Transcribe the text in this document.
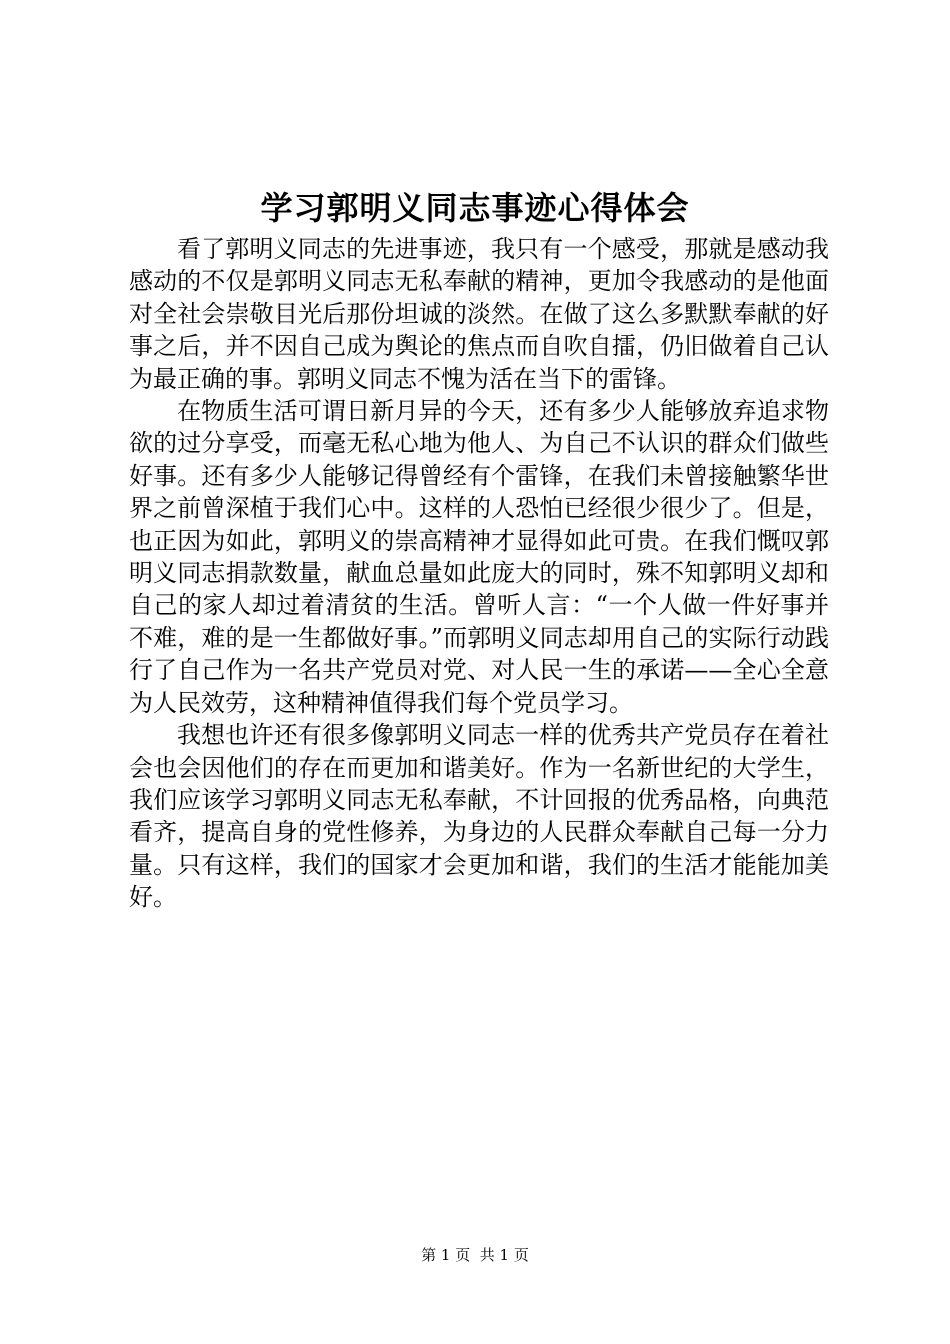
学习郭明义同志事迹心得体会

看了郭明义同志的先进事迹，我只有一个感受，那就是感动我感动的不仅是郭明义同志无私奉献的精神，更加令我感动的是他面对全社会崇敬目光后那份坦诚的淡然。在做了这么多默默奉献的好事之后，并不因自己成为舆论的焦点而自吹自擂，仍旧做着自己认为最正确的事。郭明义同志不愧为活在当下的雷锋。

在物质生活可谓日新月异的今天，还有多少人能够放弃追求物欲的过分享受，而毫无私心地为他人、为自己不认识的群众们做些好事。还有多少人能够记得曾经有个雷锋，在我们未曾接触繁华世界之前曾深植于我们心中。这样的人恐怕已经很少很少了。但是，也正因为如此，郭明义的崇高精神才显得如此可贵。在我们慨叹郭明义同志捐款数量，献血总量如此庞大的同时，殊不知郭明义却和自己的家人却过着清贫的生活。曾听人言：“一个人做一件好事并不难，难的是一生都做好事。”而郭明义同志却用自己的实际行动践行了自己作为一名共产党员对党、对人民一生的承诺——全心全意为人民效劳，这种精神值得我们每个党员学习。

我想也许还有很多像郭明义同志一样的优秀共产党员存在着社会也会因他们的存在而更加和谐美好。作为一名新世纪的大学生，我们应该学习郭明义同志无私奉献，不计回报的优秀品格，向典范看齐，提高自身的党性修养，为身边的人民群众奉献自己每一分力量。只有这样，我们的国家才会更加和谐，我们的生活才能能加美好。

第 1 页 共 1 页
